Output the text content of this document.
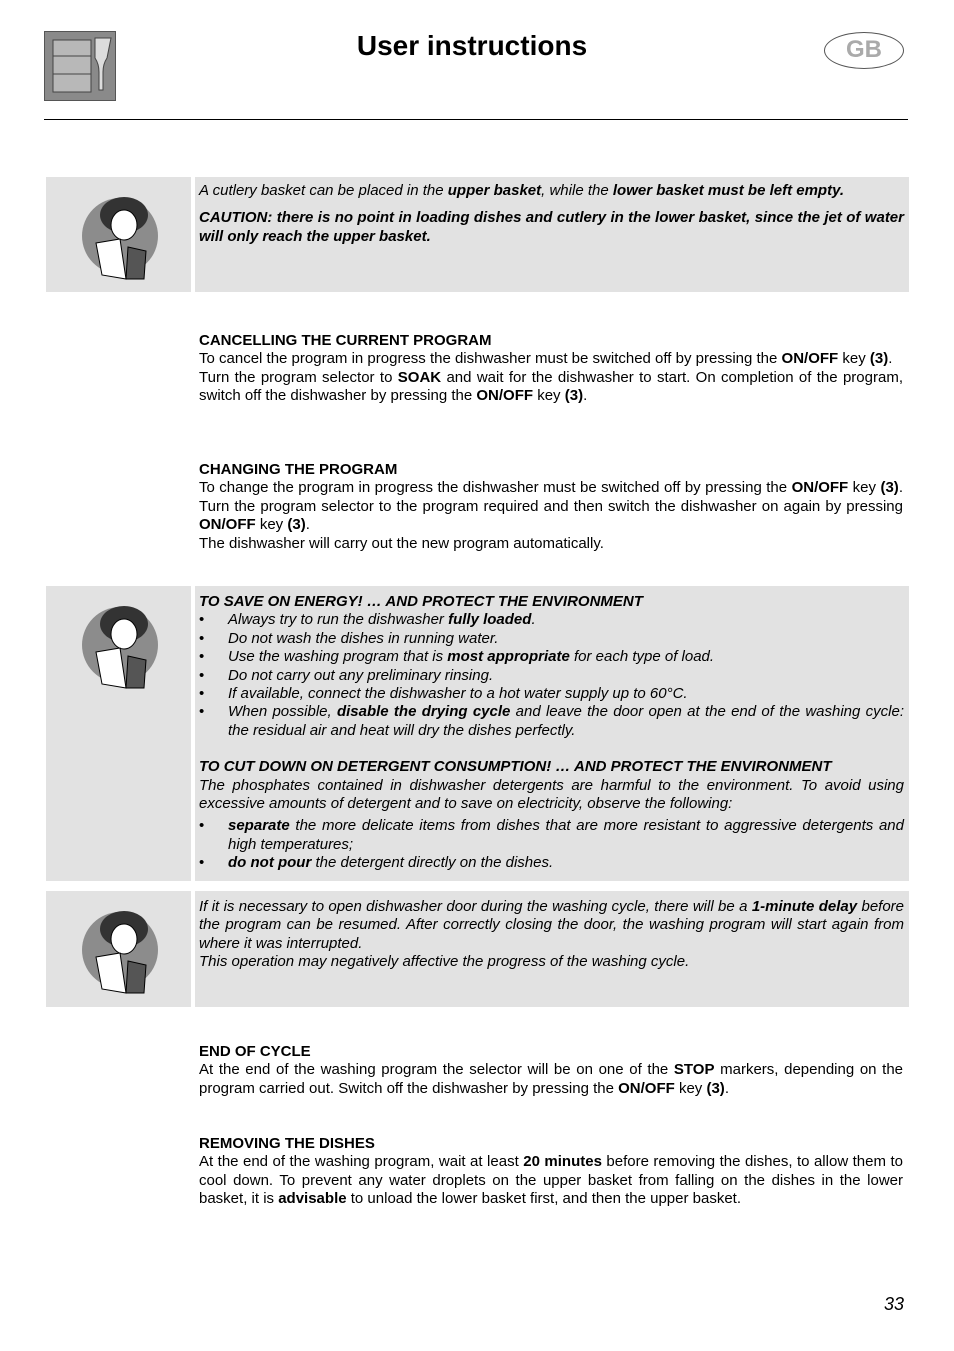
User instructions	GB

A cutlery basket can be placed in the upper basket, while the lower basket must be left empty.

CAUTION: there is no point in loading dishes and cutlery in the lower basket, since the jet of water will only reach the upper basket.

CANCELLING THE CURRENT PROGRAM

To cancel the program in progress the dishwasher must be switched off by pressing the ON/OFF key (3).

Turn the program selector to SOAK and wait for the dishwasher to start. On completion of the program, switch off the dishwasher by pressing the ON/OFF key (3).

CHANGING THE PROGRAM

To change the program in progress the dishwasher must be switched off by pressing the ON/OFF key (3). Turn the program selector to the program required and then switch the dishwasher on again by pressing ON/OFF key (3).

The dishwasher will carry out the new program automatically.

TO SAVE ON ENERGY! … AND PROTECT THE ENVIRONMENT

• Always try to run the dishwasher fully loaded.
• Do not wash the dishes in running water.
• Use the washing program that is most appropriate for each type of load.
• Do not carry out any preliminary rinsing.
• If available, connect the dishwasher to a hot water supply up to 60°C.
• When possible, disable the drying cycle and leave the door open at the end of the washing cycle: the residual air and heat will dry the dishes perfectly.

TO CUT DOWN ON DETERGENT CONSUMPTION! … AND PROTECT THE ENVIRONMENT

The phosphates contained in dishwasher detergents are harmful to the environment. To avoid using excessive amounts of detergent and to save on electricity, observe the following:

• separate the more delicate items from dishes that are more resistant to aggressive detergents and high temperatures;
• do not pour the detergent directly on the dishes.

If it is necessary to open dishwasher door during the washing cycle, there will be a 1-minute delay before the program can be resumed. After correctly closing the door, the washing program will start again from where it was interrupted.

This operation may negatively affective the progress of the washing cycle.

END OF CYCLE

At the end of the washing program the selector will be on one of the STOP markers, depending on the program carried out. Switch off the dishwasher by pressing the ON/OFF key (3).

REMOVING THE DISHES

At the end of the washing program, wait at least 20 minutes before removing the dishes, to allow them to cool down. To prevent any water droplets on the upper basket from falling on the dishes in the lower basket, it is advisable to unload the lower basket first, and then the upper basket.

33
